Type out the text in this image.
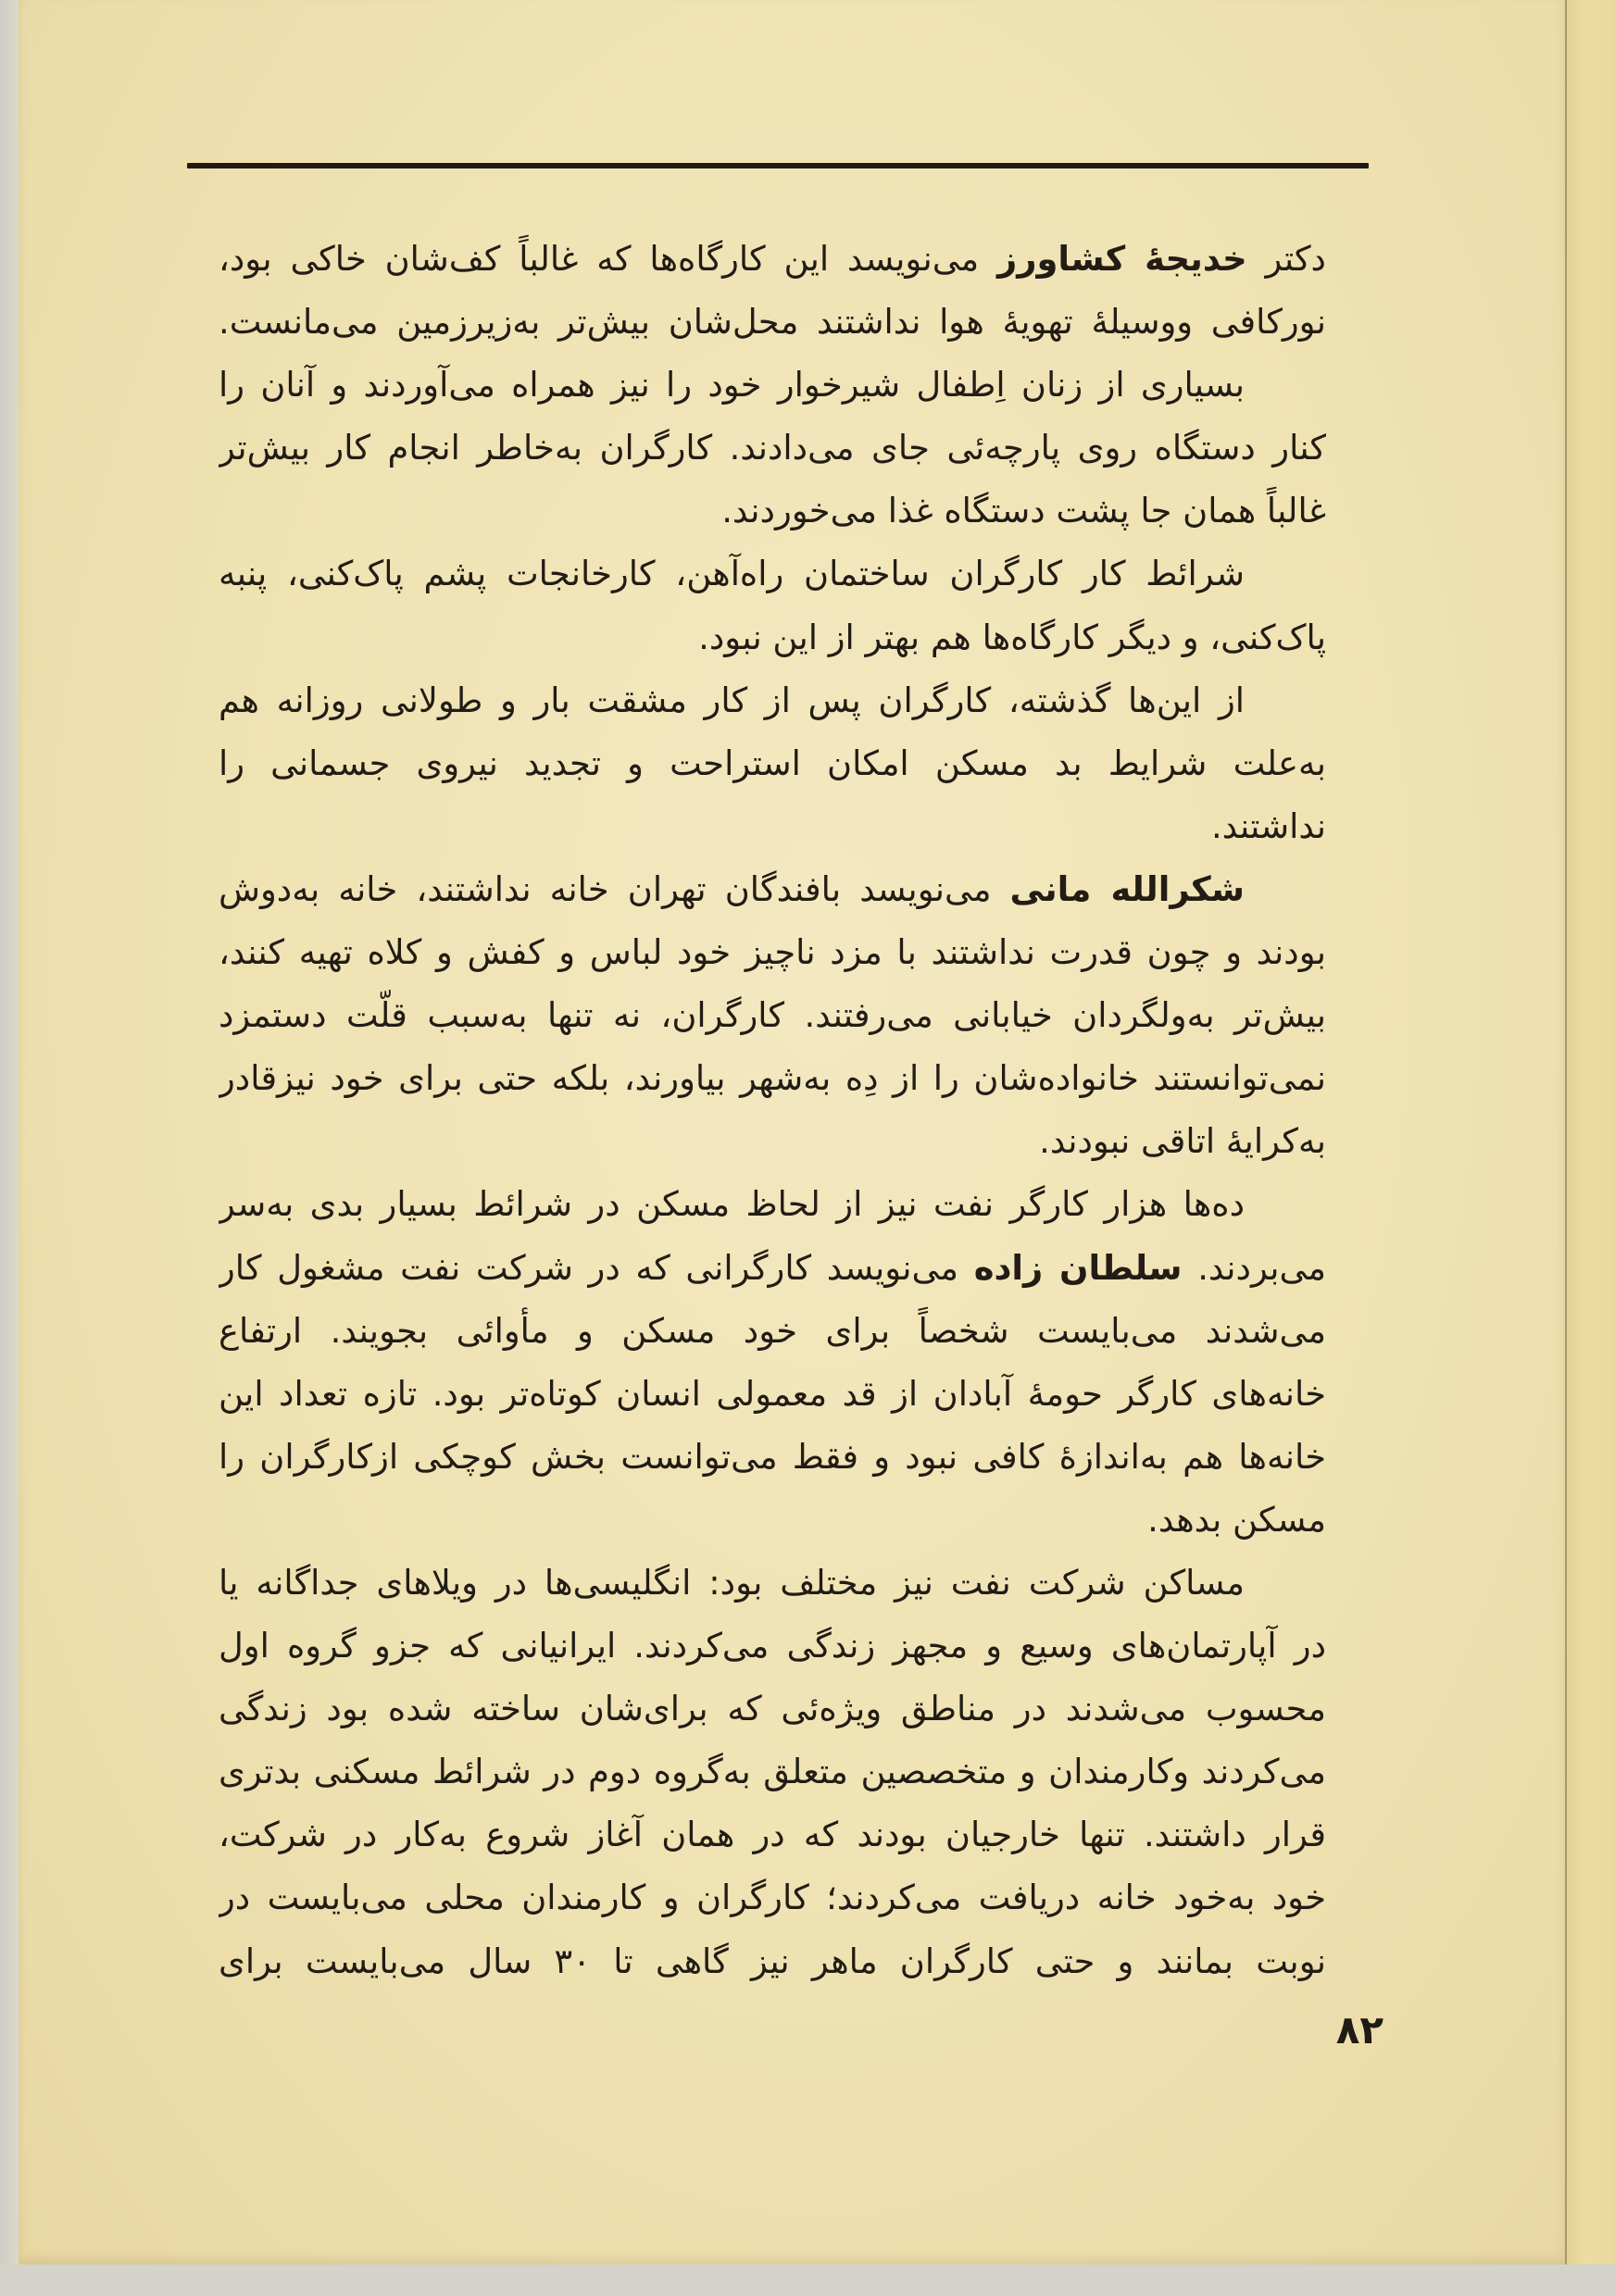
دکتر خدیجهٔ کشاورز می‌نویسد این کارگاه‌ها که غالباً کف‌شان خاکی بود،
نورکافی ووسیلهٔ تهویهٔ هوا نداشتند محل‌شان بیش‌تر به‌زیرزمین می‌مانست.
بسیاری از زنان اِطفال شیرخوار خود را نیز همراه می‌آوردند و آنان را
کنار دستگاه روی پارچه‌ئی جای می‌دادند. کارگران به‌خاطر انجام کار بیش‌تر
غالباً همان جا پشت دستگاه غذا می‌خوردند.
شرائط کار کارگران ساختمان راه‌آهن، کارخانجات پشم پاک‌کنی، پنبه
پاک‌کنی، و دیگر کارگاه‌ها هم بهتر از این نبود.
از این‌ها گذشته، کارگران پس از کار مشقت بار و طولانی روزانه هم
به‌علت شرایط بد مسکن امکان استراحت و تجدید نیروی جسمانی را
نداشتند.
شکرالله مانی می‌نویسد بافندگان تهران خانه نداشتند، خانه به‌دوش
بودند و چون قدرت نداشتند با مزد ناچیز خود لباس و کفش و کلاه تهیه کنند،
بیش‌تر به‌ولگردان خیابانی می‌رفتند. کارگران، نه تنها به‌سبب قلّت دستمزد
نمی‌توانستند خانواده‌شان را از دِه به‌شهر بیاورند، بلکه حتی برای خود نیزقادر
به‌کرایهٔ اتاقی نبودند.
ده‌ها هزار کارگر نفت نیز از لحاظ مسکن در شرائط بسیار بدی به‌سر
می‌بردند. سلطان زاده می‌نویسد کارگرانی که در شرکت نفت مشغول کار
می‌شدند می‌بایست شخصاً برای خود مسکن و مأوائی بجویند. ارتفاع
خانه‌های کارگر حومهٔ آبادان از قد معمولی انسان کوتاه‌تر بود. تازه تعداد این
خانه‌ها هم به‌اندازهٔ کافی نبود و فقط می‌توانست بخش کوچکی ازکارگران را
مسکن بدهد.
مساکن شرکت نفت نیز مختلف بود: انگلیسی‌ها در ویلاهای جداگانه یا
در آپارتمان‌های وسیع و مجهز زندگی می‌کردند. ایرانیانی که جزو گروه اول
محسوب می‌شدند در مناطق ویژه‌ئی که برای‌شان ساخته شده بود زندگی
می‌کردند وکارمندان و متخصصین متعلق به‌گروه دوم در شرائط مسکنی بدتری
قرار داشتند. تنها خارجیان بودند که در همان آغاز شروع به‌کار در شرکت،
خود به‌خود خانه دریافت می‌کردند؛ کارگران و کارمندان محلی می‌بایست در
نوبت بمانند و حتی کارگران ماهر نیز گاهی تا ۳۰ سال می‌بایست برای
۸۲
